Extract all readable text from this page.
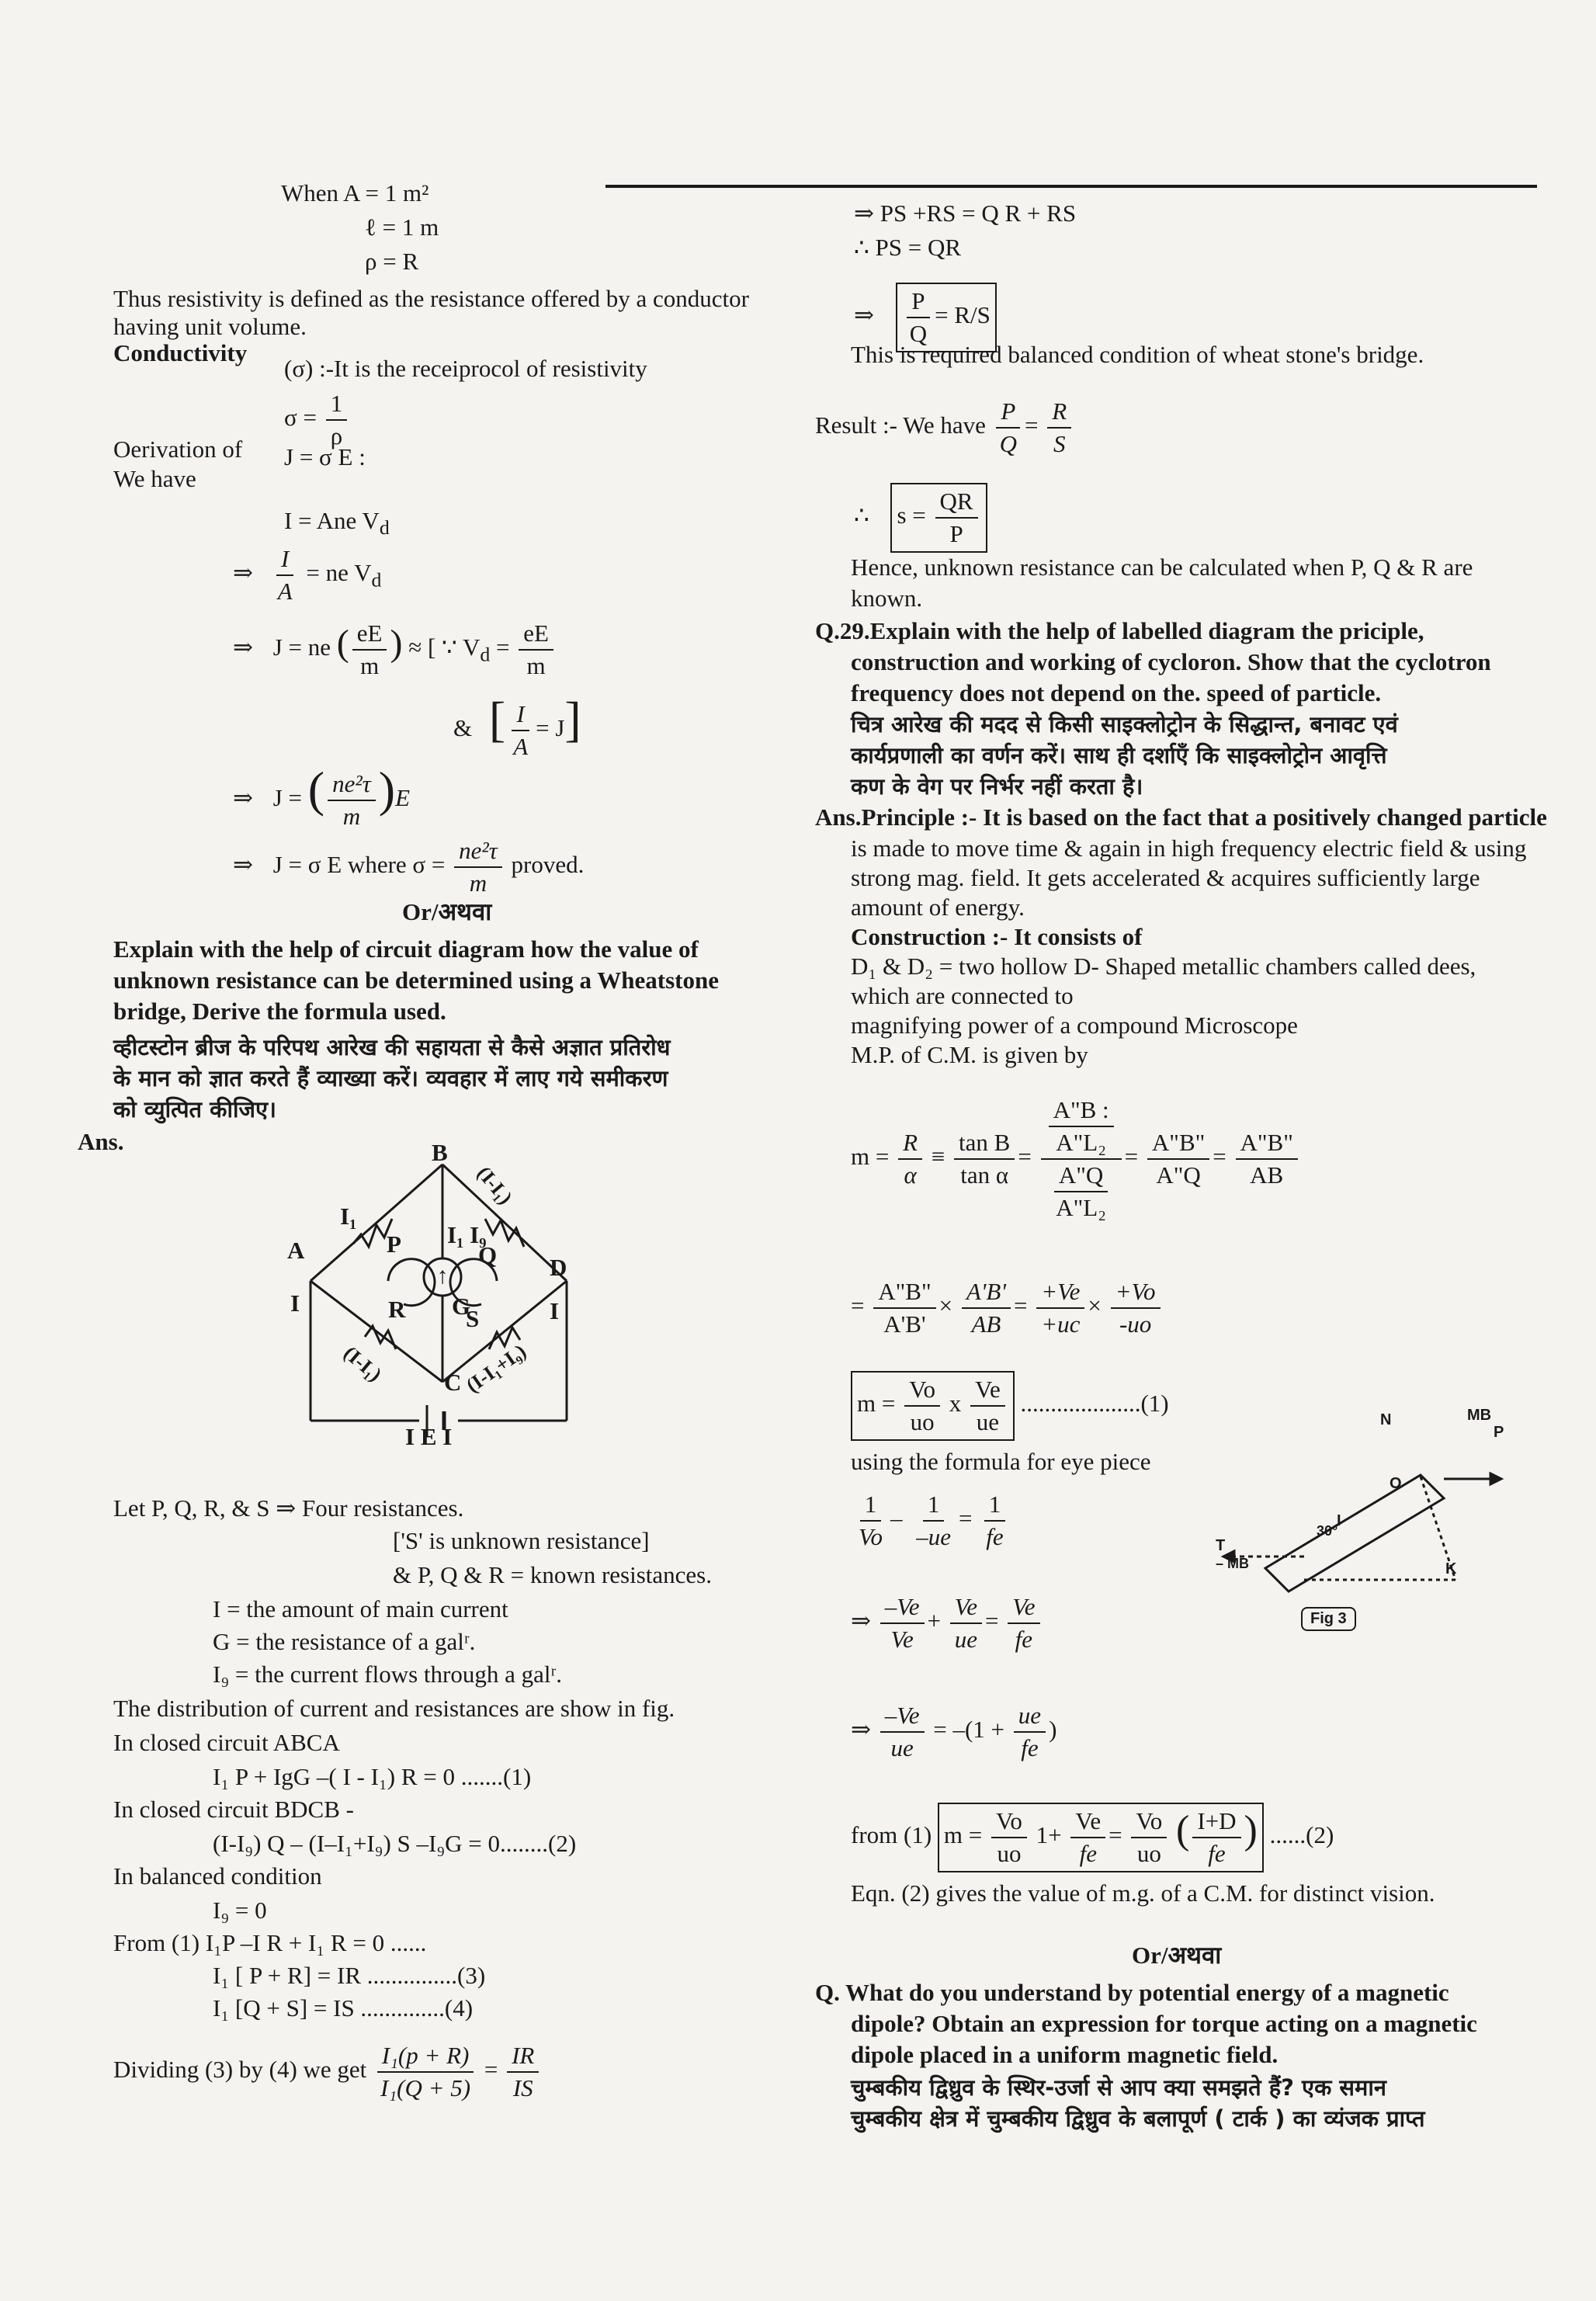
When A = 1 m²
ℓ = 1 m
ρ = R
Thus resistivity is defined as the resistance offered by a conductor
having unit volume.
Conductivity
(σ) :-It is the receiprocol of resistivity
$\sigma = \frac{1}{\rho}$
Oerivation of
We have
J = σ E :
I = Ane $V_d$
⇒ $\frac{I}{A}$ = ne $V_d$
⇒ J = ne ( $\frac{eE}{m}$ ) ≈ [ ∵ $V_d = \frac{eE}{m}$
& [ $\frac{I}{A} = J$]
⇒ J = ( $\frac{\text{ne²τ}}{m} )E$
⇒ J = σ E where $\sigma = \frac{\text{ne²τ}}{m}$ proved.
Or/अथवा
Explain with the help of circuit diagram how the value of
unknown resistance can be determined using a Wheatstone
bridge, Derive the formula used.
व्हीटस्टोन ब्रीज के परिपथ आरेख की सहायता से कैसे अज्ञात प्रतिरोध
के मान को ज्ञात करते हैं व्याख्या करें। व्यवहार में लाए गये समीकरण
को व्युत्पित कीजिए।
Ans.
↑
B
A
D
C
P	Q
R	S
G
I₁
I₁ I₉
I	I
(I-I₁)
(I-I₁)
(I-I₁+I₉)
I E I
Let P, Q, R, & S ⇒ Four resistances.
['S' is unknown resistance]
& P, Q & R = known resistances.
I = the amount of main current
G = the resistance of a galʳ.
I₉ = the current flows through a galʳ.
The distribution of current and resistances are show in fig.
In closed circuit ABCA
I₁ P + IgG –( I - I₁) R = 0 .......(1)
In closed circuit BDCB -
(I-I₉) Q – (I–I₁+I₉) S –I₉G = 0........(2)
In balanced condition
I₉ = 0
From (1) I₁P –I R + I₁ R = 0 ......
I₁ [ P + R] = IR ...............(3)
I₁ [Q + S] = IS ..............(4)
Dividing (3) by (4) we get $\frac{\text{I₁(p + R)}}{\text{I₁(Q + 5)}} = \frac{IR}{IS}$
⇒ PS +RS = Q R + RS
∴ PS = QR
⇒ $\frac{P}{Q} = R/S$
This is required balanced condition of wheat stone's bridge.
Result :- We have $\frac{P}{Q} = \frac{R}{S}$
∴ $s = \frac{QR}{P}$
Hence, unknown resistance can be calculated when P, Q & R are
known.
Q.29.Explain with the help of labelled diagram the priciple,
construction and working of cycloron. Show that the cyclotron
frequency does not depend on the. speed of particle.
चित्र आरेख की मदद से किसी साइक्लोट्रोन के सिद्धान्त, बनावट एवं
कार्यप्रणाली का वर्णन करें। साथ ही दर्शाएँ कि साइक्लोट्रोन आवृत्ति
कण के वेग पर निर्भर नहीं करता है।
Ans.Principle :- It is based on the fact that a positively changed particle
is made to move time & again in high frequency electric field & using
strong mag. field. It gets accelerated & acquires sufficiently large
amount of energy.
Construction :- It consists of
D₁ & D₂ = two hollow D- Shaped metallic chambers called dees,
which are connected to
magnifying power of a compound Microscope
M.P. of C.M. is given by
$m = \frac{R}{\alpha} \equiv \frac{\text{tan B}}{\text{tan α}} = \frac{\frac{A"B :}{\text{A"L₂}}}{\frac{A"Q}{\text{A"L₂}}} = \frac{A"B"}{A"Q} = \frac{A"B"}{AB}$
= $\frac{A"B"}{A'B'} \times \frac{A'B'}{AB} = \frac{+Ve}{+uc} \times \frac{+Vo}{-uo}$
$m = \frac{Vo}{uo}$ x $\frac{Ve}{ue} ....................(1)$
using the formula for eye piece
$\frac{1}{Vo} - \frac{1}{-ue} = \frac{1}{fe}$
⇒ $\frac{-Ve}{Ve} + \frac{Ve}{ue} = \frac{Ve}{fe}$
⇒ $\frac{-Ve}{ue} = -(1 + \frac{ue}{fe}$ )
from (1) $m = \frac{Vo}{uo} 1+ \frac{Ve}{fe} = \frac{Vo}{uo}$ ( $\frac{I+D}{fe}$ ) ......(2)
Eqn. (2) gives the value of m.g. of a C.M. for distinct vision.
Or/अथवा
Q. What do you understand by potential energy of a magnetic
dipole? Obtain an expression for torque acting on a magnetic
dipole placed in a uniform magnetic field.
चुम्बकीय द्विध्रुव के स्थिर-उर्जा से आप क्या समझते हैं? एक समान
चुम्बकीय क्षेत्र में चुम्बकीय द्विध्रुव के बलापूर्ण ( टार्क ) का व्यंजक प्राप्त
N	MB
P
O
I
30°
K
T
– MB
Fig 3
